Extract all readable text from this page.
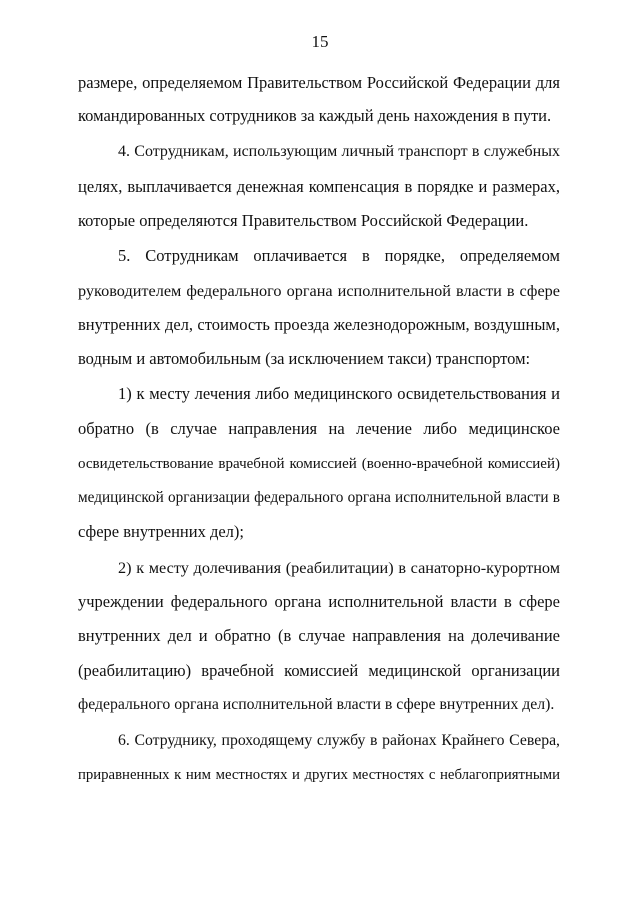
15
размере, определяемом Правительством Российской Федерации для
командированных сотрудников за каждый день нахождения в пути.
4. Сотрудникам, использующим личный транспорт в служебных
целях, выплачивается денежная компенсация в порядке и размерах,
которые определяются Правительством Российской Федерации.
5. Сотрудникам оплачивается в порядке, определяемом
руководителем федерального органа исполнительной власти в сфере
внутренних дел, стоимость проезда железнодорожным, воздушным,
водным и автомобильным (за исключением такси) транспортом:
1) к месту лечения либо медицинского освидетельствования и
обратно (в случае направления на лечение либо медицинское
освидетельствование врачебной комиссией (военно-врачебной комиссией)
медицинской организации федерального органа исполнительной власти в
сфере внутренних дел);
2) к месту долечивания (реабилитации) в санаторно-курортном
учреждении федерального органа исполнительной власти в сфере
внутренних дел и обратно (в случае направления на долечивание
(реабилитацию) врачебной комиссией медицинской организации
федерального органа исполнительной власти в сфере внутренних дел).
6. Сотруднику, проходящему службу в районах Крайнего Севера,
приравненных к ним местностях и других местностях с неблагоприятными
